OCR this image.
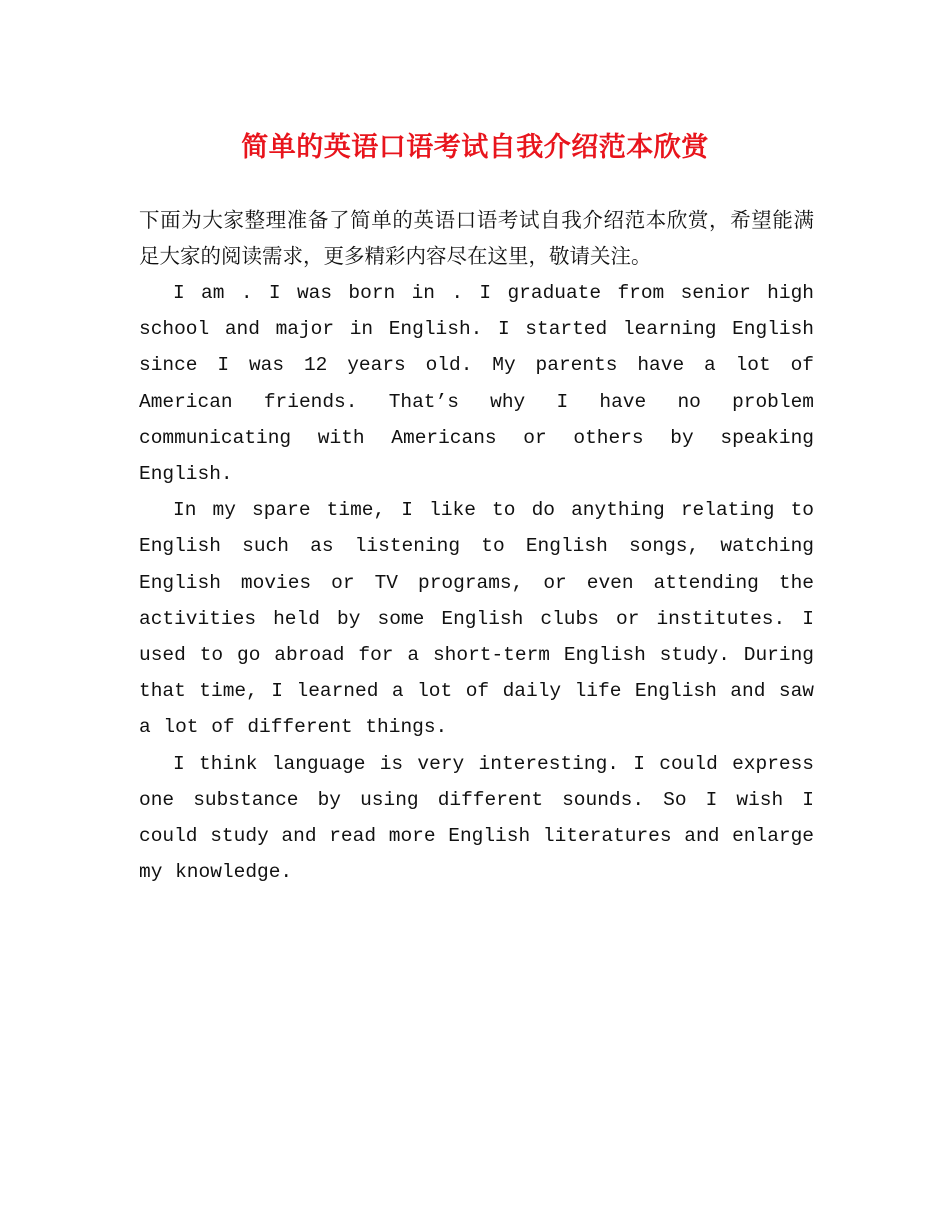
简单的英语口语考试自我介绍范本欣赏

下面为大家整理准备了简单的英语口语考试自我介绍范本欣赏，希望能满足大家的阅读需求，更多精彩内容尽在这里，敬请关注。

I am . I was born in . I graduate from senior high school and major in English. I started learning English since I was 12 years old. My parents have a lot of American friends. That’s why I have no problem communicating with Americans or others by speaking English.

In my spare time, I like to do anything relating to English such as listening to English songs, watching English movies or TV programs, or even attending the activities held by some English clubs or institutes. I used to go abroad for a short-term English study. During that time, I learned a lot of daily life English and saw a lot of different things.

I think language is very interesting. I could express one substance by using different sounds. So I wish I could study and read more English literatures and enlarge my knowledge.
